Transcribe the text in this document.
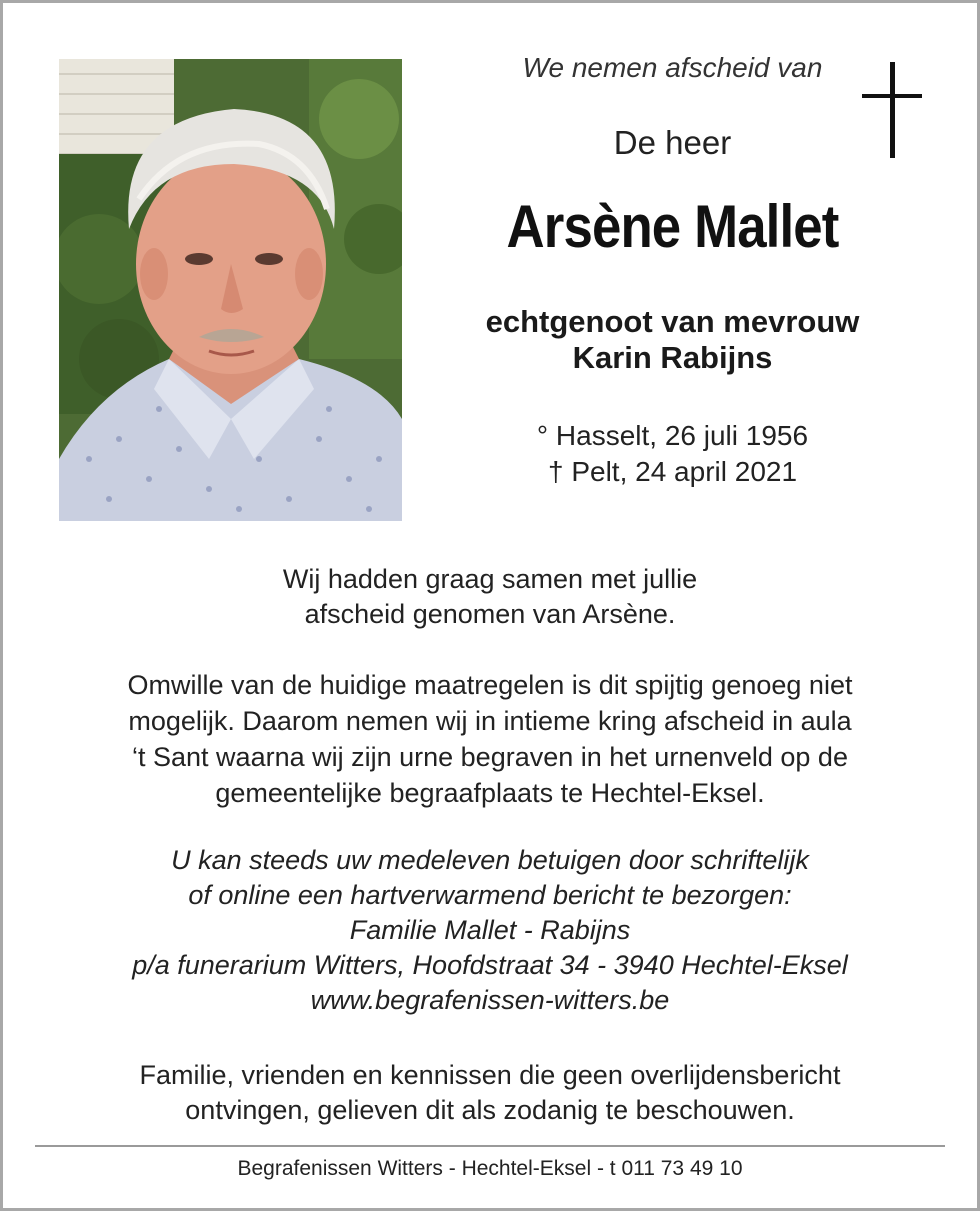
We nemen afscheid van
De heer
Arsène Mallet
echtgenoot van mevrouw
Karin Rabijns
° Hasselt, 26 juli 1956
† Pelt, 24 april 2021
Wij hadden graag samen met jullie
afscheid genomen van Arsène.
Omwille van de huidige maatregelen is dit spijtig genoeg niet
mogelijk. Daarom nemen wij in intieme kring afscheid in aula
‘t Sant waarna wij zijn urne begraven in het urnenveld op de
gemeentelijke begraafplaats te Hechtel-Eksel.
U kan steeds uw medeleven betuigen door schriftelijk
of online een hartverwarmend bericht te bezorgen:
Familie Mallet - Rabijns
p/a funerarium Witters, Hoofdstraat 34 - 3940 Hechtel-Eksel
www.begrafenissen-witters.be
Familie, vrienden en kennissen die geen overlijdensbericht
ontvingen, gelieven dit als zodanig te beschouwen.
Begrafenissen Witters - Hechtel-Eksel - t 011 73 49 10
